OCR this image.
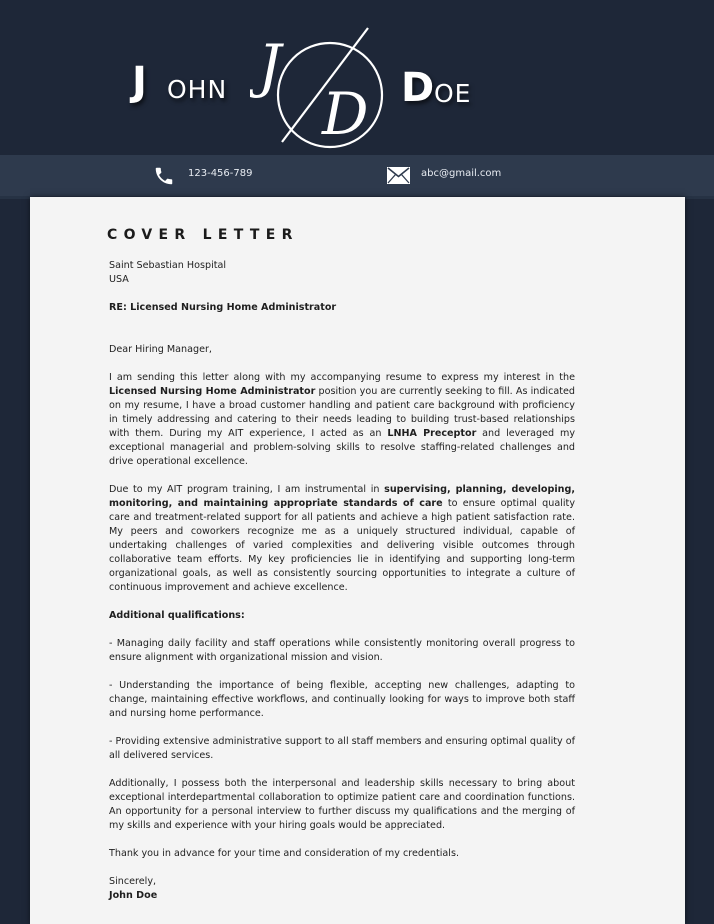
J OHN J
D D OE
123-456-789	abc@gmail.com
COVER LETTER

Saint Sebastian Hospital

USA

RE: Licensed Nursing Home Administrator

Dear Hiring Manager,

I am sending this letter along with my accompanying resume to express my interest in the Licensed Nursing Home Administrator position you are currently seeking to fill. As indicated on my resume, I have a broad customer handling and patient care background with proficiency in timely addressing and catering to their needs leading to building trust-based relationships with them. During my AIT experience, I acted as an LNHA Preceptor and leveraged my exceptional managerial and problem-solving skills to resolve staffing-related challenges and drive operational excellence.

Due to my AIT program training, I am instrumental in supervising, planning, developing, monitoring, and maintaining appropriate standards of care to ensure optimal quality care and treatment-related support for all patients and achieve a high patient satisfaction rate. My peers and coworkers recognize me as a uniquely structured individual, capable of undertaking challenges of varied complexities and delivering visible outcomes through collaborative team efforts. My key proficiencies lie in identifying and supporting long-term organizational goals, as well as consistently sourcing opportunities to integrate a culture of continuous improvement and achieve excellence.

Additional qualifications:

- Managing daily facility and staff operations while consistently monitoring overall progress to ensure alignment with organizational mission and vision.

- Understanding the importance of being flexible, accepting new challenges, adapting to change, maintaining effective workflows, and continually looking for ways to improve both staff and nursing home performance.

- Providing extensive administrative support to all staff members and ensuring optimal quality of all delivered services.

Additionally, I possess both the interpersonal and leadership skills necessary to bring about exceptional interdepartmental collaboration to optimize patient care and coordination functions. An opportunity for a personal interview to further discuss my qualifications and the merging of my skills and experience with your hiring goals would be appreciated.

Thank you in advance for your time and consideration of my credentials.

Sincerely,

John Doe
